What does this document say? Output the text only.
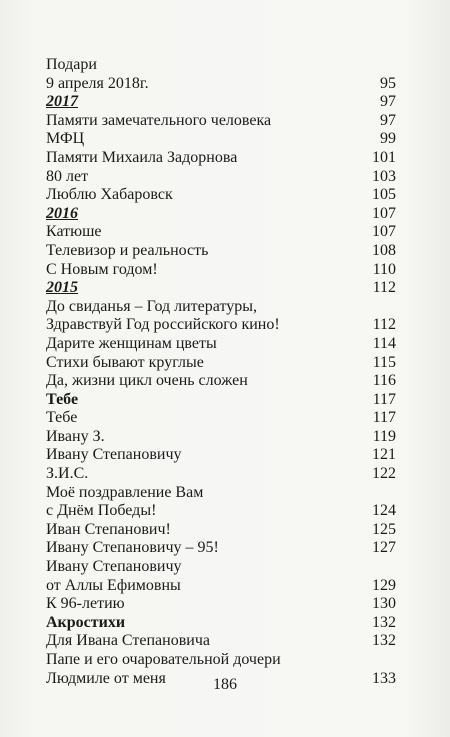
Подари
9 апреля 2018г.	95
2017	97
Памяти замечательного человека	97
МФЦ	99
Памяти Михаила Задорнова	101
80 лет	103
Люблю Хабаровск	105
2016	107
Катюше	107
Телевизор и реальность	108
С Новым годом!	110
2015	112
До свиданья – Год литературы,
Здравствуй Год российского кино!	112
Дарите женщинам цветы	114
Стихи бывают круглые	115
Да, жизни цикл очень сложен	116
Тебе	117
Тебе	117
Ивану З.	119
Ивану Степановичу	121
З.И.С.	122
Моё поздравление Вам
с Днём Победы!	124
Иван Степанович!	125
Ивану Степановичу – 95!	127
Ивану Степановичу
от Аллы Ефимовны	129
К 96-летию	130
Акростихи	132
Для Ивана Степановича	132
Папе и его очаровательной дочери
Людмиле от меня	133
186
